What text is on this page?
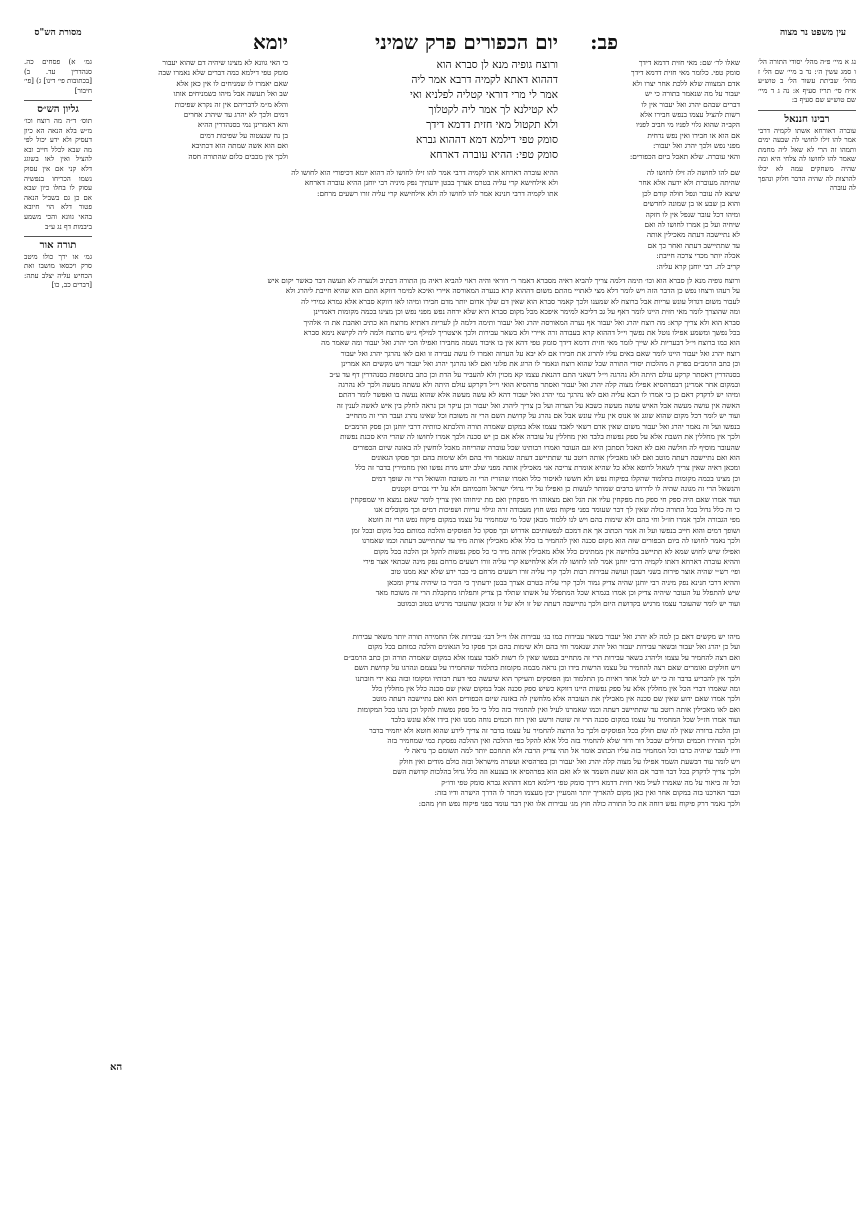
עין משפט נר מצוה
מסורת הש"ס	פב:
יום הכפורים פרק שמיני
יומא
נג א מיי׳ פ״ה מהל׳ יסודי התורה הל׳ ו סמג עשין ה׳: נד ב מיי׳ שם הל׳ ז מהל׳ שביתת עשור הל׳ ב טוש״ע א״ח סי׳ תריז סעיף א: נה ג ד מיי׳ שם טוש״ע שם סעיף ב:
רבינו חננאל
עוברה דאורחא אשתו לקמיה דרבי אמר להו זילו לחושי לה שבעה ימים ותמהו זה הרי לא שאל ליה מחמת שאמר להו לחושו לה צלחי היא ומה שהיה משחקים עמה לא יכלו להרצות לה שהיה הדבר חלוק ונהפך לה עוברה
גמ׳ א) פסחים כה. סנהדרין עד. ב) [בכתובות פי׳ דינו] ג) [פי׳ חיבור]
גליון הש״ס
תוס׳ ד״ה מה רוצח וכו׳ מ״ש בלא הנאה הא כיון דעסיק ולא ידע יכול לפי מה שבא לכלל חייב ובא להציל ואין לאו בשוגג דלא קני אם אין עסוק נשמו הכריחו בנפשיה עסוק לו בחלו כיון שבא אם כן גם בשביל הנאה פטור דלא הוי חיובא בהאי גוונא והכי משמע ביבמות דף נג ע״ב
תורה אור
גמ׳ או ירך כולו מיטב סרק ויכסאו מושבו ואת הכחיש עליה יצלב עתה: [דברים כב, כו]
שאלו לר׳ שם: מאי חזית דדמא דידך
סומק טפי. כלומר מאי חזית דדמא דידך
אדם המצווה שלא ללכת אחר יצרו ולא
יעבור על מה שנאמר בתורה כי יש
דברים שבהם יהרג ואל יעבור אין לו
רשות להציל עצמו בנפש חבירו אלא
הקב״ה שהוא גלוי לפניו מי חביב לפניו
אם הוא או חבירו ואין נפש נדחית
מפני נפש ולכך יהרג ואל יעבור:
והאי עוברה. שלא תאכל ביום הכפורים:
ורוצח גופיה מנא לן סברא הוא
דההוא דאתא לקמיה דרבא אמר ליה
אמר לי מרי דוראי קטליה לפלניא ואי
לא קטילנא לך אמר ליה לקטלוך
ולא תקטול מאי חזית דדמא דידך
סומק טפי דילמא דמא דההוא גברא
סומק טפי: ההיא עוברה דארחא
כי האי גוונא לא מצינו שיהיה דם שהוא יעבור
סומק טפי דילמא כמה דברים שלא נאמרו שבה
שאם יאמרו לו שמניחים לו אין כאן אלא
שב ואל תעשה אבל מיהו כשמניחים אותו
והלא מ״מ לדבריהם אין זה נקרא שפיכות
דמים ולכך לא יהרג עד שיהרג אחרים
והא דאמרינן נמי בסנהדרין ההיא
בן נח שנצטוה על שפיכות דמים
ואם הוא אשה שמתה הוא דכתיבא
ולכך אין מכבים כלום שהתורה חסה
שם להו לחושה לה זילו לחושו לה
שהיתה מעוברת ולא ידעה אלא אחר
שיצא לה עובר ונפל חולה קודם לכן
והוא בן שבע או בן שמונה לחדשים
ומיהו דכל עובר שנפל אין לו חזקה
שיחיה ועל כן אמרו לחושו לה ואם
לא נתיישבה דעתה מאכילין אותה
עד שתתיישב דעתה ואחר כך אם
אכלה יותר מכדי צרכה חייבת:
קריב לה. רבי יוחנן קרא עליה:
ההיא עוברה דארחא אתו לקמיה דרבי אמר להו זילו לחושו לה דהוא יומא דכיפורי הוא לחושו לה
ולא אילחישא קרי עליה בטרם אצרך בבטן ידעתיך נפק מיניה רבי יוחנן ההיא עוברה דארחא
אתו לקמיה דרבי חנינא אמר להו לחושו לה ולא אילחישא קרי עליה זורו רשעים מרחם:
ורוצח גופיה מנא לן סברא הוא וכו׳ תימה דלמה צריך להביא ראיה מסברא דאמר ר׳ דוראי והיה ראוי להביא ראיה מן התורה דכתיב ולנערה לא תעשה דבר כאשר יקום איש
על רעהו ורצחו נפש כן הדבר הזה ויש לומר דלא מצי לאתויי מהתם משום דההוא קרא בנערה המאורסה איירי ואיכא למימר דווקא התם הוא שהיא חייבת ליהרג ולא
לעבור משום דגדול עונש עריות אבל ברוצח לא שמענו ולכך קאמר סברא הוא שאין דם שלך אדום יותר מדם חבירו ומיהו לאו דווקא סברא אלא גמרא גמירי לה
ומה שהוצרך לומר מאי חזית היינו לומר דאף על גב דליכא למימר איפכא מכל מקום סברא היא שלא ידחה נפש מפני נפש וכן מצינו בכמה מקומות דאמרינן
סברא הוא ולא צריך קרא: מה רוצח יהרג ואל יעבור אף נערה המאורסה יהרג ואל יעבור ותימה דלמה לן לעריות דאתיא מרוצח הא כתיב ואהבת את ה׳ אלהיך
בכל נפשך ומשמע אפילו נוטל את נפשך וי״ל דההוא קרא בעבודה זרה איירי ולא בשאר עבירות ולכך איצטריך למילף ג״ש מרוצח ולמה ליה לקישא נימא סברא
הוא כמו ברוצח וי״ל דבעריות לא שייך לומר מאי חזית דדמא דידך סומק טפי דהא אין בו איבוד נשמה מחבירו ואפילו הכי יהרג ואל יעבור ומה שאמר מה
רוצח יהרג ואל יעבור היינו לומר שאם באים עליו להרוג את חבירו אם לא יבא על הערוה ואמרו לו עשה עבירה זו ואם לאו נהרגך יהרג ואל יעבור
וכן כתב הרמב״ם בפרק ה מהלכות יסודי התורה שכל שהוא רוצח ונאמר לו הרוג את פלוני ואם לאו נהרגך יהרג ואל יעבור ויש מקשים הא אמרינן
בסנהדרין דאסתר קרקע עולם היתה ולא נהרגה וי״ל דשאני התם דהנאת עצמו קא מכוין ולא להעביר על הדת וכן כתב בתוספות בסנהדרין דף עד ע״ב
ובמקום אחר אמרינן דבפרהסיא אפילו מצוה קלה יהרג ואל יעבור ואסתר פרהסיא הואי וי״ל דקרקע עולם היתה ולא עשתה מעשה ולכך לא נהרגה
ומיהו יש לדקדק דאם כן כי אמרו לו הבא עליה ואם לאו נהרגך נמי יהרג ואל יעבור דהא לא עשה מעשה אלא שהוא נעשה בו ואפשר לומר דהתם
האשה אין עושה מעשה אבל האיש עושה מעשה כשבא על הערוה ועל כן צריך ליהרג ואל יעבור וכן עיקר וכן נראה לחלק בין איש לאשה לענין זה
ועוד יש לומר דכל מקום שהוא שוגג או אנוס אין עליו עונש אבל אם נהרג על קדושת השם הרי זה משובח וכל שאינו נהרג ועבר הרי זה מתחייב
בנפשו ועל זה נאמר יהרג ואל יעבור משום שאין אדם רשאי לאבד עצמו אלא במקום שאמרה תורה והלכתא כוותיה דרבי יוחנן וכן פסק הרמב״ם
ולכך אין מחללין את השבת אלא על ספק נפשות בלבד ואין מחללין על עוברה אלא אם כן יש סכנה ולכך אמרו לחושו לה שהרי היא סכנת נפשות
שהעובר מוסיף לה חולשה ואם לא תאכל תסתכן היא וגם העובר ואמרו רבותינו שכל עוברה שהריחה מאכל לוחשין לה באזנה שיום הכפורים
הוא ואם נתיישבה דעתה מוטב ואם לאו מאכילין אותה רוטב עד שתתיישב דעתה שנאמר וחי בהם ולא שימות בהם וכך פסקו הגאונים
ומכאן ראיה שאין צריך לשאול לרופא אלא כל שהיא אומרת צריכה אני מאכילין אותה מפני שלב יודע מרת נפשו ואין מחמירין בדבר זה כלל
וכן מצינו בכמה מקומות בתלמוד שהקלו בפיקוח נפש ולא חששו לאיסור כלל ואמרו שהזריז הרי זה משובח והשואל הרי זה שופך דמים
והנשאל הרי זה מגונה שהיה לו לדרוש ברבים שמותר לעשות כן ואפילו על ידי גדולי ישראל וחכמיהם ולא על ידי נכרים וקטנים
ועוד אמרו שאם היה ספק חי ספק מת מפקחין עליו את הגל ואם מצאוהו חי מפקחין ואם מת יניחוהו ואין צריך לומר שאם נמצא חי שמפקחין
כי זה כלל גדול בכל התורה כולה שאין לך דבר שעומד בפני פיקוח נפש חוץ מעבודה זרה וגילוי עריות ושפיכות דמים וכך מקובלים אנו
מפי הגבורה ולכך אמרו חז״ל וחי בהם ולא שימות בהם ויש לנו ללמוד מכאן שכל מי שמחמיר על עצמו במקום פיקוח נפש הרי זה חוטא
ושופך דמים והוא חייב בנפשו ועל זה אמר הכתוב אך את דמכם לנפשותיכם אדרוש וכך פסקו כל הפוסקים והלכה כמותם בכל מקום ובכל זמן
ולכך נאמר לחושו לה ביום הכפורים שזה הוא מקום סכנה ואין להחמיר בו כלל אלא מאכילין אותה מיד עד שתתיישב דעתה וכמו שאמרנו
ואפילו שיש לחוש שמא לא תתיישב בלחישה אין ממתינים כלל אלא מאכילין אותה מיד כי כל ספק נפשות להקל וכן הלכה בכל מקום
וההיא עוברה דארחא דאתו לקמיה דרבי יוחנן אמר להו לחושו לה ולא אילחישא קרי עליה זורו רשעים מרחם נפק מינה שבתאי אצר פירי
ופי׳ רש״י שהיה אוצר פירות בשני רעבון ועושה עבירות רבות ולכך קרי עליה זורו רשעים מרחם כי כבר ידע שלא יצא ממנו טוב
וההיא דרבי חנינא נפק מיניה רבי יוחנן שהיה צדיק גמור ולכך קרי עליה בטרם אצרך בבטן ידעתיך כי הכיר בו שיהיה צדיק ומכאן
שיש להתפלל על העובר שיהיה צדיק וכן אמרו בגמרא שכל המתפלל על אשתו שתלד בן צדיק ותפלתו מתקבלת הרי זה משובח מאד
ועוד יש לומר שהעובר עצמו מרגיש בקדושת היום ולכך נתיישבה דעתה של זו ולא של זו ומכאן שהעובר מרגיש בטוב ובמוטב
מיהו יש מקשים דאם כן למה לא יהרג ואל יעבור בשאר עבירות כמו בג׳ עבירות אלו וי״ל דבג׳ עבירות אלו החמירה תורה יותר משאר עבירות
ועל כן יהרג ואל יעבור ובשאר עבירות יעבור ואל יהרג שנאמר וחי בהם ולא שימות בהם וכך פסקו כל הגאונים והלכה כמותם בכל מקום
ואם רצה להחמיר על עצמו וליהרג בשאר עבירות הרי זה מתחייב בנפשו שאין לו רשות לאבד עצמו אלא במקום שאמרה תורה וכן כתב הרמב״ם
ויש חולקים ואומרים שאם רצה להחמיר על עצמו הרשות בידו וכן נראה מכמה מקומות בתלמוד שהחמירו על עצמם ונהרגו על קדושת השם
ולכך אין להכריע בדבר זה כי יש לכל אחד ראיות מן התלמוד ומן הפוסקים והעיקר הוא שיעשה כפי דעת רבותיו ומקומו ובזה נצא ידי חובתנו
ומה שאמרו דברי הכל אין מחללין אלא על ספק נפשות היינו דווקא כשיש ספק סכנה אבל במקום שאין שם סכנה כלל אין מחללין כלל
ולכך אמרו שאם ידוע שאין שם סכנה אין מאכילין את העוברה אלא מלחשין לה באזנה שיום הכפורים הוא ואם נתיישבה דעתה מוטב
ואם לאו מאכילין אותה רוטב עד שתתיישב דעתה וכמו שאמרנו לעיל ואין להחמיר בזה כלל כי כל ספק נפשות להקל וכן נהגו בכל המקומות
ועוד אמרו חז״ל שכל המחמיר על עצמו במקום סכנה הרי זה שוטה ורשע ואין רוח חכמים נוחה ממנו ואין בידו אלא עונש בלבד
וכן הלכה ברורה שאין לה שום חולק בכל הפוסקים ולכך כל הרוצה להחמיר על עצמו בדבר זה צריך לידע שהוא חוטא ולא יחמיר בדבר
ולכך הזהירו חכמים וגדולים שבכל דור ודור שלא להחמיר בזה כלל אלא להקל כפי ההלכה ואין ההלכה נפסקת כמי שמחמיר בזה
ודיו לעבד שיהיה כרבו וכל המחמיר בזה עליו הכתוב אומר אל תהי צדיק הרבה ולא תתחכם יותר למה תשומם כך נראה לי
ויש לומר עוד דבשעת השמד אפילו על מצוה קלה יהרג ואל יעבור וכן בפרהסיא ועשרה מישראל ובזה כולם מודים ואין חולק
ולכך צריך לדקדק בכל דבר ודבר אם הוא שעת השמד או לא ואם הוא בפרהסיא או בצנעא וזה כלל גדול בהלכות קדושת השם
וכל זה ביאור על מה שאמרו לעיל מאי חזית דדמא דידך סומק טפי דילמא דמא דההוא גברא סומק טפי ודו״ק
וכבר הארכנו בזה במקום אחר ואין כאן מקום להאריך יותר והמעיין יבין מעצמו ויבחר לו הדרך הישרה ודיו בזה:
ולכך נאמר דרק פיקוח נפש דוחה את כל התורה כולה חוץ מג׳ עבירות אלו ואין דבר עומד בפני פיקוח נפש חוץ מהם:
הא
